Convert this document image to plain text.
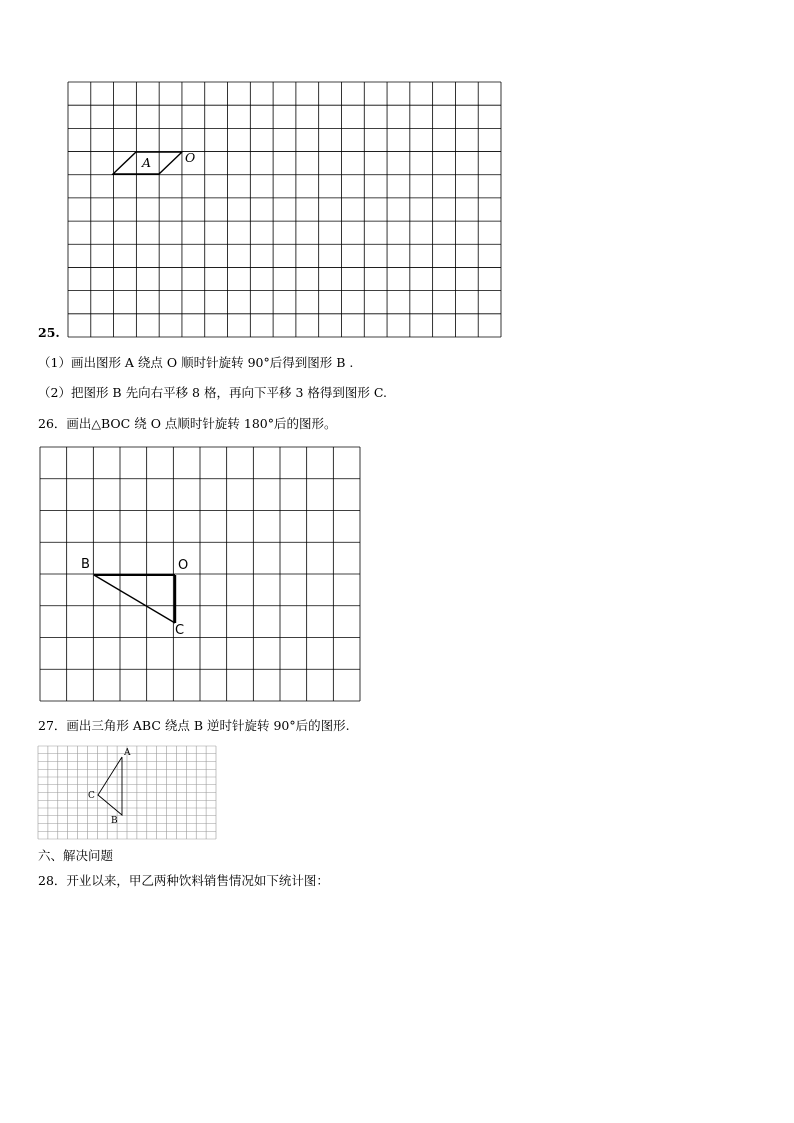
A	O
25.
（1）画出图形 A 绕点 O 顺时针旋转 90°后得到图形 B .
（2）把图形 B 先向右平移 8 格，再向下平移 3 格得到图形 C.
26．画出△BOC 绕 O 点顺时针旋转 180°后的图形。
B	O
C
27．画出三角形 ABC 绕点 B 逆时针旋转 90°后的图形.
A
C
B
六、解决问题
28．开业以来，甲乙两种饮料销售情况如下统计图：
